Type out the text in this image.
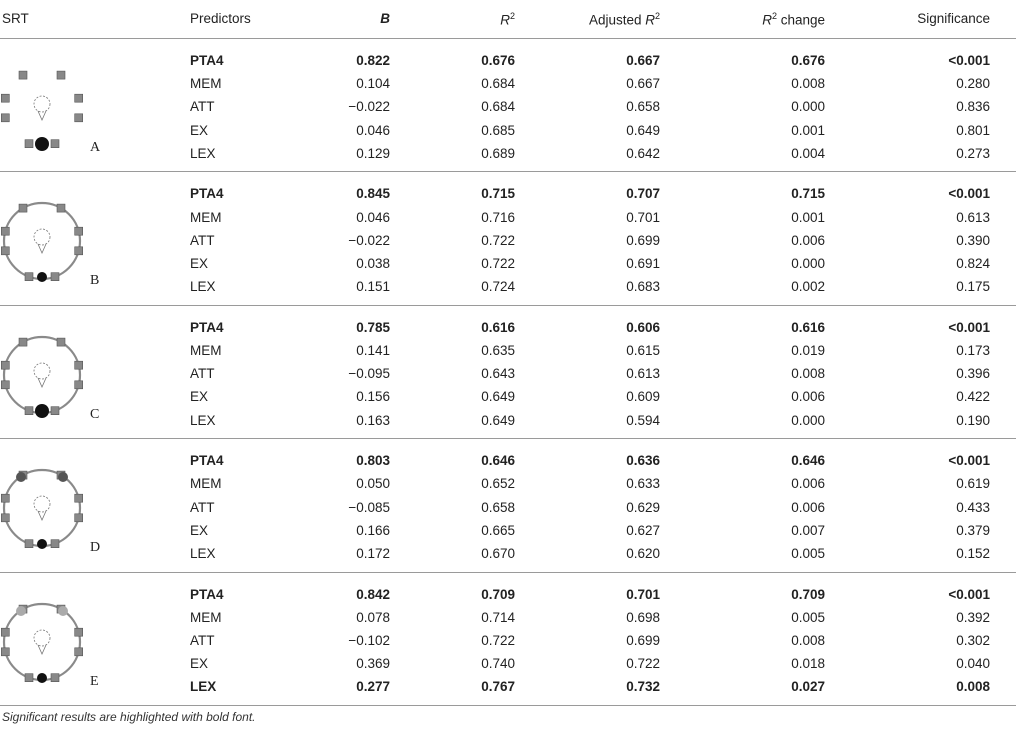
SRT	Predictors	B	$R^2$	Adjusted $R^2$	$R^2$ change	Significance
A
PTA4	0.822	0.676	0.667	0.676	<0.001
MEM	0.104	0.684	0.667	0.008	0.280
ATT	−0.022	0.684	0.658	0.000	0.836
EX	0.046	0.685	0.649	0.001	0.801
LEX	0.129	0.689	0.642	0.004	0.273
B
PTA4	0.845	0.715	0.707	0.715	<0.001
MEM	0.046	0.716	0.701	0.001	0.613
ATT	−0.022	0.722	0.699	0.006	0.390
EX	0.038	0.722	0.691	0.000	0.824
LEX	0.151	0.724	0.683	0.002	0.175
C
PTA4	0.785	0.616	0.606	0.616	<0.001
MEM	0.141	0.635	0.615	0.019	0.173
ATT	−0.095	0.643	0.613	0.008	0.396
EX	0.156	0.649	0.609	0.006	0.422
LEX	0.163	0.649	0.594	0.000	0.190
D
PTA4	0.803	0.646	0.636	0.646	<0.001
MEM	0.050	0.652	0.633	0.006	0.619
ATT	−0.085	0.658	0.629	0.006	0.433
EX	0.166	0.665	0.627	0.007	0.379
LEX	0.172	0.670	0.620	0.005	0.152
E
PTA4	0.842	0.709	0.701	0.709	<0.001
MEM	0.078	0.714	0.698	0.005	0.392
ATT	−0.102	0.722	0.699	0.008	0.302
EX	0.369	0.740	0.722	0.018	0.040
LEX	0.277	0.767	0.732	0.027	0.008
Significant results are highlighted with bold font.
